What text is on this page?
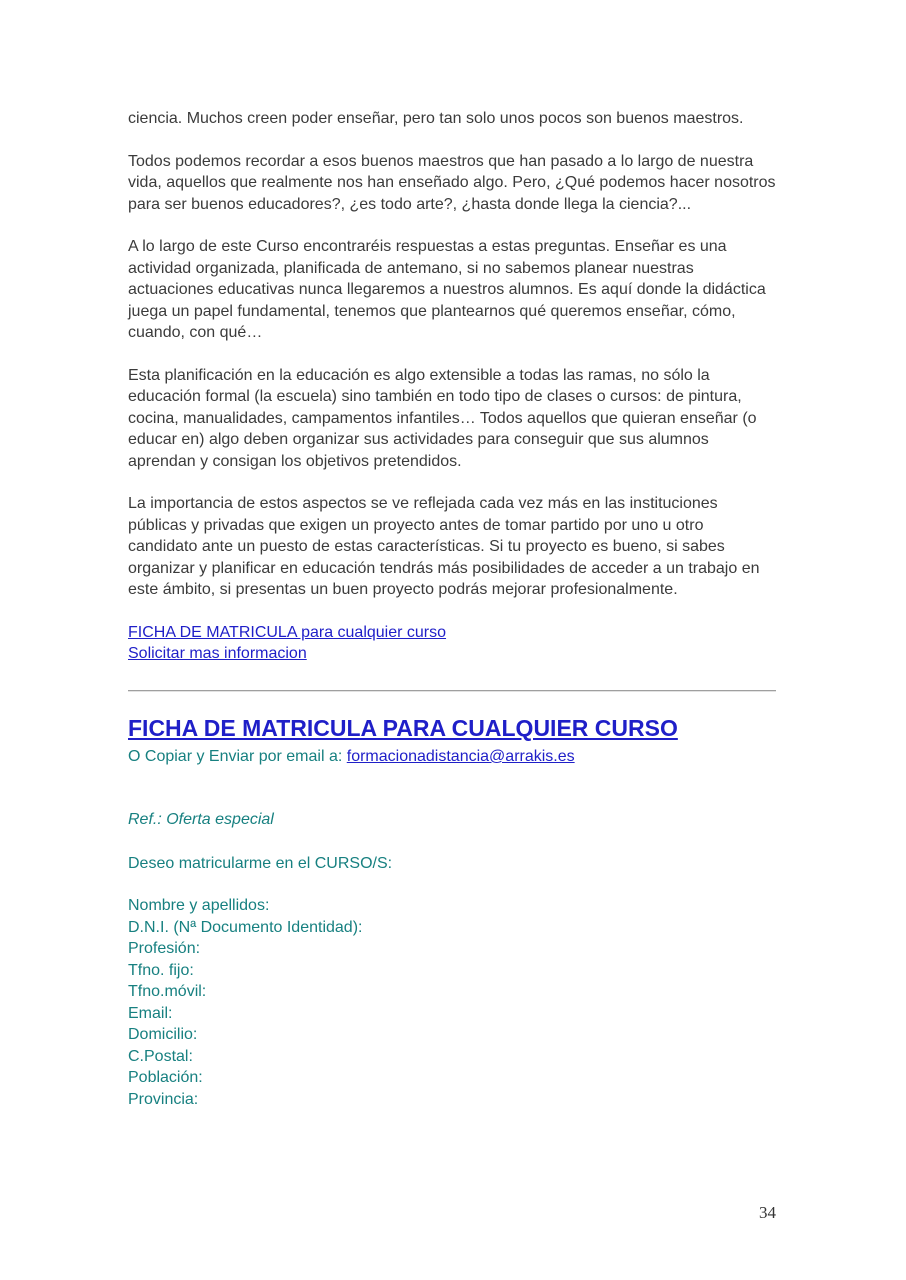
ciencia. Muchos creen poder enseñar, pero tan solo unos pocos son buenos maestros.

Todos podemos recordar a esos buenos maestros que han pasado a lo largo de nuestra vida, aquellos que realmente nos han enseñado algo. Pero, ¿Qué podemos hacer nosotros para ser buenos educadores?, ¿es todo arte?, ¿hasta donde llega la ciencia?...

A lo largo de este Curso encontraréis respuestas a estas preguntas. Enseñar es una actividad organizada, planificada de antemano, si no sabemos planear nuestras actuaciones educativas nunca llegaremos a nuestros alumnos. Es aquí donde la didáctica juega un papel fundamental, tenemos que plantearnos qué queremos enseñar, cómo, cuando, con qué…

Esta planificación en la educación es algo extensible a todas las ramas, no sólo la educación formal (la escuela) sino también en todo tipo de clases o cursos: de pintura, cocina, manualidades, campamentos infantiles… Todos aquellos que quieran enseñar (o educar en) algo deben organizar sus actividades para conseguir que sus alumnos aprendan y consigan los objetivos pretendidos.

La importancia de estos aspectos se ve reflejada cada vez más en las instituciones públicas y privadas que exigen un proyecto antes de tomar partido por uno u otro candidato ante un puesto de estas características. Si tu proyecto es bueno, si sabes organizar y planificar en educación tendrás más posibilidades de acceder a un trabajo en este ámbito, si presentas un buen proyecto podrás mejorar profesionalmente.

FICHA DE MATRICULA para cualquier curso
Solicitar mas informacion
FICHA DE MATRICULA PARA CUALQUIER CURSO
O Copiar y Enviar por email a: formacionadistancia@arrakis.es
Ref.: Oferta especial
Deseo matricularme en el CURSO/S:
Nombre y apellidos:
D.N.I. (Nª Documento Identidad):
Profesión:
Tfno. fijo:
Tfno.móvil:
Email:
Domicilio:
C.Postal:
Población:
Provincia:
34
